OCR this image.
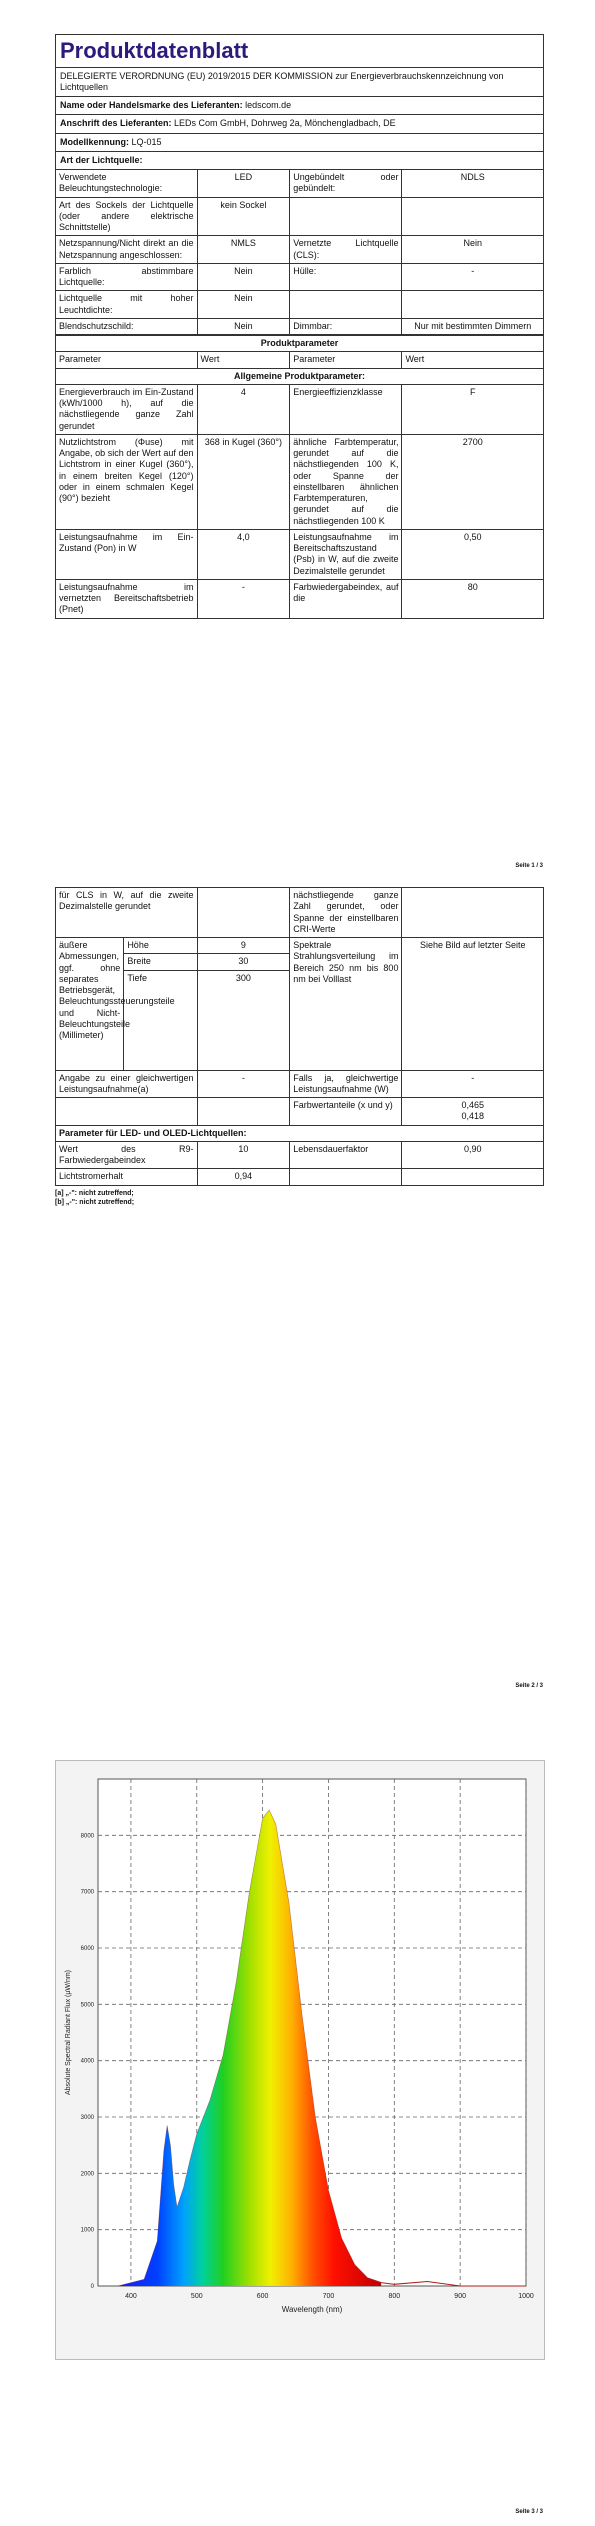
Produktdatenblatt
DELEGIERTE VERORDNUNG (EU) 2019/2015 DER KOMMISSION zur Energieverbrauchskennzeichnung von Lichtquellen
Name oder Handelsmarke des Lieferanten: ledscom.de
Anschrift des Lieferanten: LEDs Com GmbH, Dohrweg 2a, Mönchengladbach, DE
Modellkennung: LQ-015
Art der Lichtquelle:
Verwendete Beleuchtungstechnologie:	LED	Ungebündelt oder gebündelt:	NDLS
Art des Sockels der Lichtquelle (oder andere elektrische Schnittstelle)	kein Sockel		
Netzspannung/Nicht direkt an die Netzspannung angeschlossen:	NMLS	Vernetzte Lichtquelle (CLS):	Nein
Farblich abstimmbare Lichtquelle:	Nein	Hülle:	-
Lichtquelle mit hoher Leuchtdichte:	Nein		
Blendschutzschild:	Nein	Dimmbar:	Nur mit bestimmten Dimmern
Produktparameter			
Parameter	Wert	Parameter	Wert
Allgemeine Produktparameter:			
Energieverbrauch im Ein-Zustand (kWh/1000 h), auf die nächstliegende ganze Zahl gerundet	4	Energieeffizienzklasse	F
Nutzlichtstrom (Φuse) mit Angabe, ob sich der Wert auf den Lichtstrom in einer Kugel (360°), in einem breiten Kegel (120°) oder in einem schmalen Kegel (90°) bezieht	368 in Kugel (360°)	ähnliche Farbtemperatur, gerundet auf die nächstliegenden 100 K, oder Spanne der einstellbaren ähnlichen Farbtemperaturen, gerundet auf die nächstliegenden 100 K	2700
Leistungsaufnahme im Ein-Zustand (Pon) in W	4,0	Leistungsaufnahme im Bereitschaftszustand (Psb) in W, auf die zweite Dezimalstelle gerundet	0,50
Leistungsaufnahme im vernetzten Bereitschaftsbetrieb (Pnet)	-	Farbwiedergabeindex, auf die	80
Seite 1 / 3
für CLS in W, auf die zweite Dezimalstelle gerundet			nächstliegende ganze Zahl gerundet, oder Spanne der einstellbaren CRI-Werte	
äußere Abmessungen, ggf. ohne separates Betriebsgerät, Beleuchtungssteuerungsteile und Nicht-Beleuchtungsteile (Millimeter)	Höhe	9	Spektrale Strahlungsverteilung im Bereich 250 nm bis 800 nm bei Volllast	Siehe Bild auf letzter Seite
	Breite	30		
	Tiefe	300		
Angabe zu einer gleichwertigen Leistungsaufnahme(a)		-	Falls ja, gleichwertige Leistungsaufnahme (W)	-
			Farbwertanteile (x und y)	0,465
0,418
Parameter für LED- und OLED-Lichtquellen:				
Wert des R9-Farbwiedergabeindex		10	Lebensdauerfaktor	0,90
Lichtstromerhalt		0,94		
[a] „-": nicht zutreffend;
[b] „-": nicht zutreffend;
Seite 2 / 3
400	500	600	700	800	900	1000
1000
2000
3000
4000
5000
6000
7000
8000
0
Wavelength (nm)
Absolute Spectral Radiant Flux (µW/nm)
Seite 3 / 3
